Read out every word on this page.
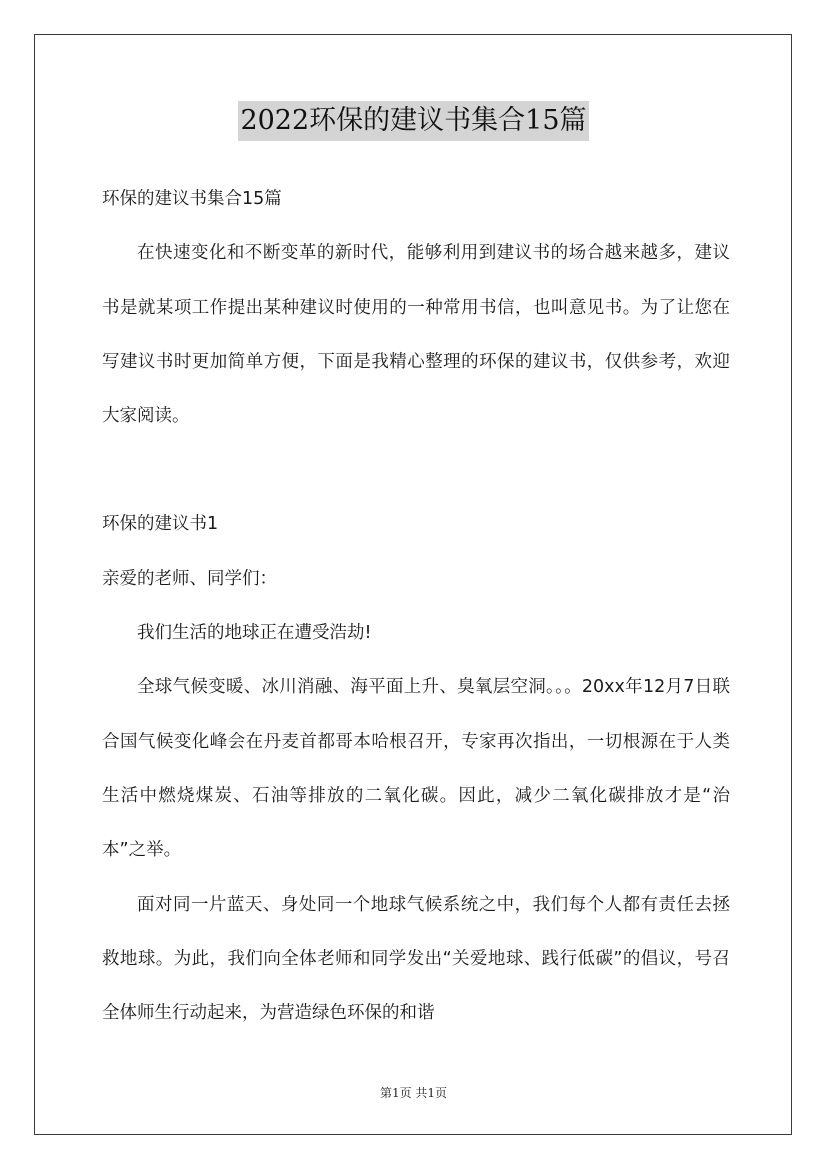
2022环保的建议书集合15篇

环保的建议书集合15篇

在快速变化和不断变革的新时代，能够利用到建议书的场合越来越多，建议书是就某项工作提出某种建议时使用的一种常用书信，也叫意见书。为了让您在写建议书时更加简单方便，下面是我精心整理的环保的建议书，仅供参考，欢迎大家阅读。

环保的建议书1

亲爱的老师、同学们：

我们生活的地球正在遭受浩劫!

全球气候变暖、冰川消融、海平面上升、臭氧层空洞。。。20xx年12月7日联合国气候变化峰会在丹麦首都哥本哈根召开，专家再次指出，一切根源在于人类生活中燃烧煤炭、石油等排放的二氧化碳。因此，减少二氧化碳排放才是“治本”之举。

面对同一片蓝天、身处同一个地球气候系统之中，我们每个人都有责任去拯救地球。为此，我们向全体老师和同学发出“关爱地球、践行低碳”的倡议，号召全体师生行动起来，为营造绿色环保的和谐

第1页 共1页
